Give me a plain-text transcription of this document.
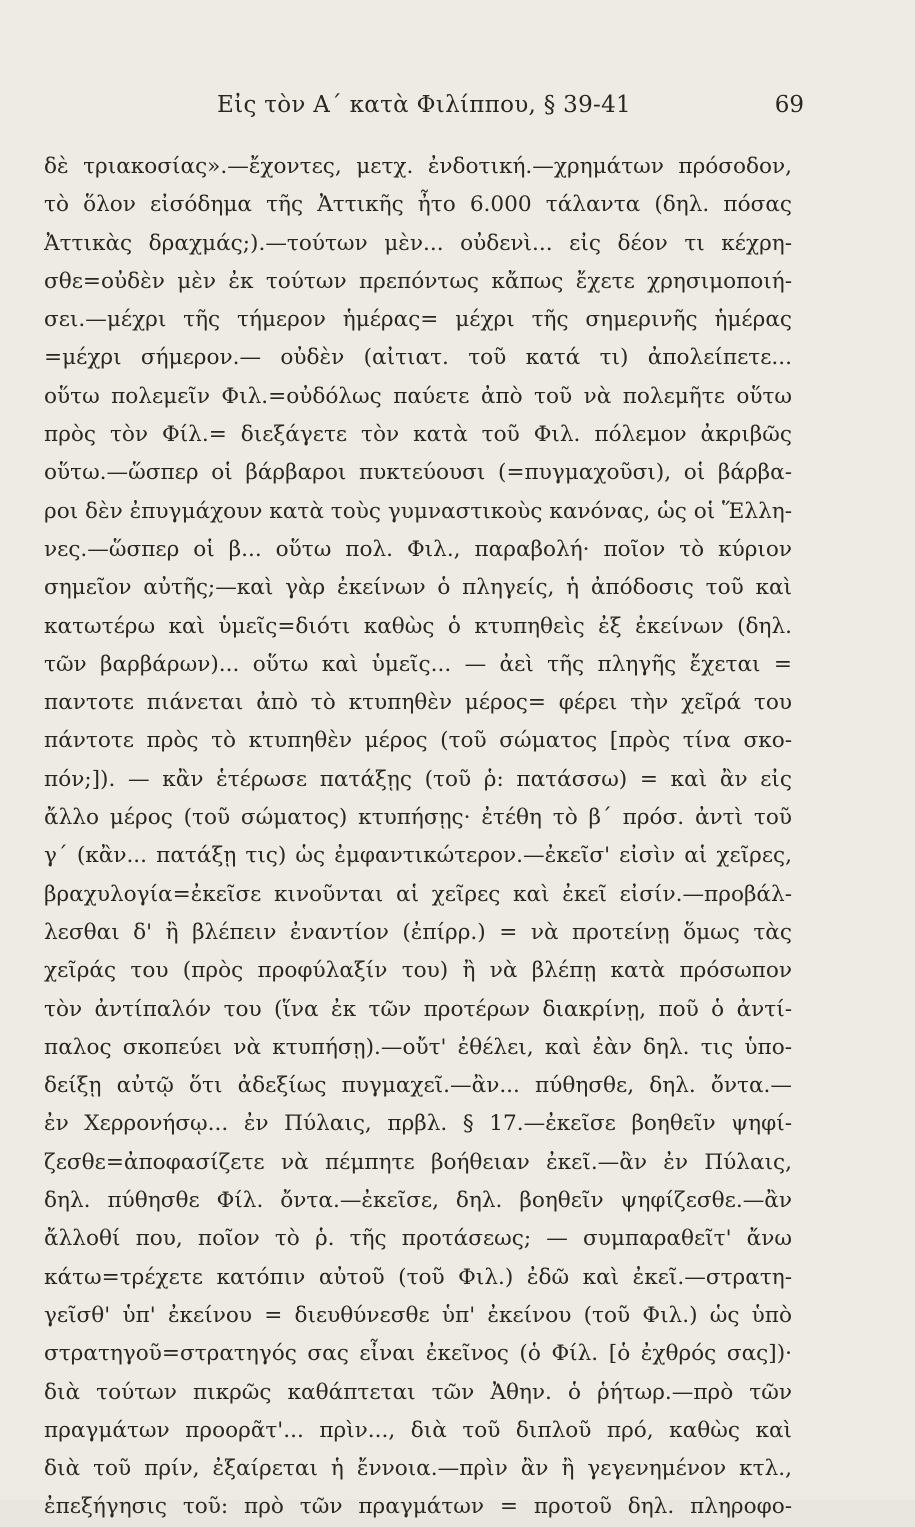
Εἰς τὸν Α΄ κατὰ Φιλίππου, § 39-41	69
δὲ τριακοσίας».—ἔχοντες, μετχ. ἐνδοτική.—χρημάτων πρόσοδον,
τὸ ὅλον εἰσόδημα τῆς Ἀττικῆς ἦτο 6.000 τάλαντα (δηλ. πόσας
Ἀττικὰς δραχμάς;).—τούτων μὲν... οὐδενὶ... εἰς δέον τι κέχρη-
σθε=οὐδὲν μὲν ἐκ τούτων πρεπόντως κἄπως ἔχετε χρησιμοποιή-
σει.—μέχρι τῆς τήμερον ἡμέρας= μέχρι τῆς σημερινῆς ἡμέρας
=μέχρι σήμερον.— οὐδὲν (αἰτιατ. τοῦ κατά τι) ἀπολείπετε...
οὕτω πολεμεῖν Φιλ.=οὐδόλως παύετε ἀπὸ τοῦ νὰ πολεμῆτε οὕτω
πρὸς τὸν Φίλ.= διεξάγετε τὸν κατὰ τοῦ Φιλ. πόλεμον ἀκριβῶς
οὕτω.—ὥσπερ οἱ βάρβαροι πυκτεύουσι (=πυγμαχοῦσι), οἱ βάρβα-
ροι δὲν ἐπυγμάχουν κατὰ τοὺς γυμναστικοὺς κανόνας, ὡς οἱ Ἕλλη-
νες.—ὥσπερ οἱ β... οὕτω πολ. Φιλ., παραβολή· ποῖον τὸ κύριον
σημεῖον αὐτῆς;—καὶ γὰρ ἐκείνων ὁ πληγείς, ἡ ἀπόδοσις τοῦ καὶ
κατωτέρω καὶ ὑμεῖς=διότι καθὼς ὁ κτυπηθεὶς ἐξ ἐκείνων (δηλ.
τῶν βαρβάρων)... οὕτω καὶ ὑμεῖς... — ἀεὶ τῆς πληγῆς ἔχεται =
παντοτε πιάνεται ἀπὸ τὸ κτυπηθὲν μέρος= φέρει τὴν χεῖρά του
πάντοτε πρὸς τὸ κτυπηθὲν μέρος (τοῦ σώματος [πρὸς τίνα σκο-
πόν;]). — κἂν ἑτέρωσε πατάξῃς (τοῦ ῥ: πατάσσω) = καὶ ἂν εἰς
ἄλλο μέρος (τοῦ σώματος) κτυπήσῃς· ἐτέθη τὸ β΄ πρόσ. ἀντὶ τοῦ
γ΄ (κἂν... πατάξῃ τις) ὡς ἐμφαντικώτερον.—ἐκεῖσ' εἰσὶν αἱ χεῖρες,
βραχυλογία=ἐκεῖσε κινοῦνται αἱ χεῖρες καὶ ἐκεῖ εἰσίν.—προβάλ-
λεσθαι δ' ἢ βλέπειν ἐναντίον (ἐπίρρ.) = νὰ προτείνῃ ὅμως τὰς
χεῖράς του (πρὸς προφύλαξίν του) ἢ νὰ βλέπῃ κατὰ πρόσωπον
τὸν ἀντίπαλόν του (ἵνα ἐκ τῶν προτέρων διακρίνῃ, ποῦ ὁ ἀντί-
παλος σκοπεύει νὰ κτυπήσῃ).—οὔτ' ἐθέλει, καὶ ἐὰν δηλ. τις ὑπο-
δείξῃ αὐτῷ ὅτι ἀδεξίως πυγμαχεῖ.—ἂν... πύθησθε, δηλ. ὄντα.—
ἐν Χερρονήσῳ... ἐν Πύλαις, πρβλ. § 17.—ἐκεῖσε βοηθεῖν ψηφί-
ζεσθε=ἀποφασίζετε νὰ πέμπητε βοήθειαν ἐκεῖ.—ἂν ἐν Πύλαις,
δηλ. πύθησθε Φίλ. ὄντα.—ἐκεῖσε, δηλ. βοηθεῖν ψηφίζεσθε.—ἂν
ἄλλοθί που, ποῖον τὸ ῥ. τῆς προτάσεως; — συμπαραθεῖτ' ἄνω
κάτω=τρέχετε κατόπιν αὐτοῦ (τοῦ Φιλ.) ἐδῶ καὶ ἐκεῖ.—στρατη-
γεῖσθ' ὑπ' ἐκείνου = διευθύνεσθε ὑπ' ἐκείνου (τοῦ Φιλ.) ὡς ὑπὸ
στρατηγοῦ=στρατηγός σας εἶναι ἐκεῖνος (ὁ Φίλ. [ὁ ἐχθρός σας])·
διὰ τούτων πικρῶς καθάπτεται τῶν Ἀθην. ὁ ῥήτωρ.—πρὸ τῶν
πραγμάτων προορᾶτ'... πρὶν..., διὰ τοῦ διπλοῦ πρό, καθὼς καὶ
διὰ τοῦ πρίν, ἐξαίρεται ἡ ἔννοια.—πρὶν ἂν ἢ γεγενημένον κτλ.,
ἐπεξήγησις τοῦ: πρὸ τῶν πραγμάτων = προτοῦ δηλ. πληροφο-
